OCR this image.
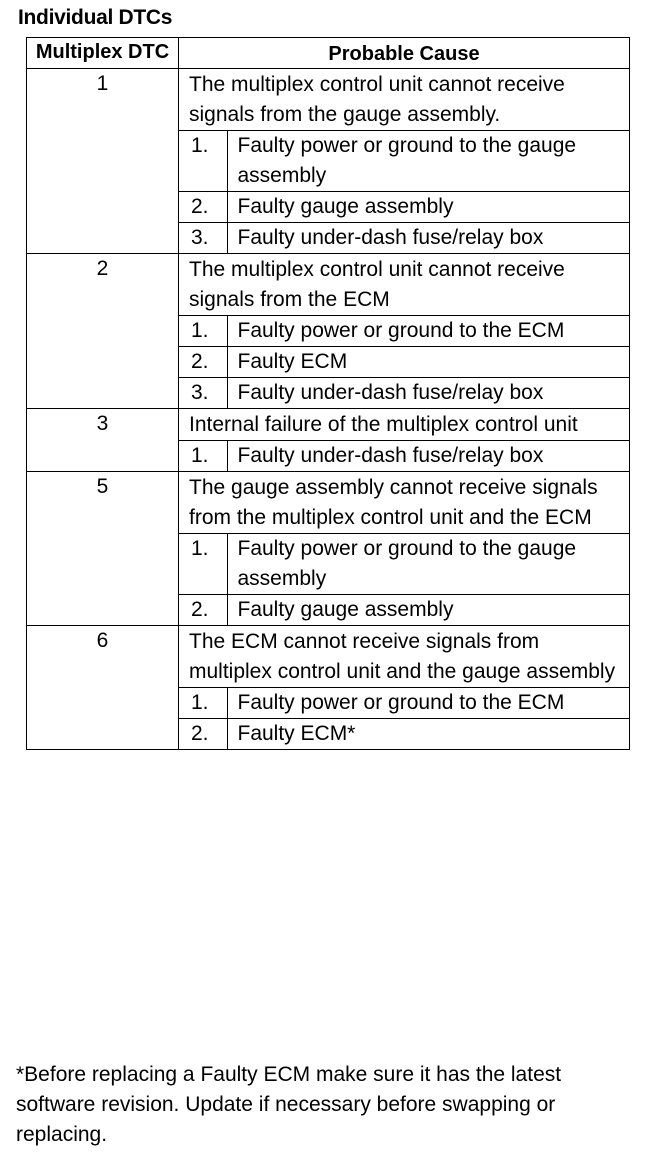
Individual DTCs
Multiplex DTC	Probable Cause
1	The multiplex control unit cannot receive signals from the gauge assembly.
1.	Faulty power or ground to the gauge assembly
2.	Faulty gauge assembly
3.	Faulty under-dash fuse/relay box

2	The multiplex control unit cannot receive signals from the ECM
1.	Faulty power or ground to the ECM
2.	Faulty ECM
3.	Faulty under-dash fuse/relay box

3	Internal failure of the multiplex control unit
1.	Faulty under-dash fuse/relay box

5	The gauge assembly cannot receive signals from the multiplex control unit and the ECM
1.	Faulty power or ground to the gauge assembly
2.	Faulty gauge assembly

6	The ECM cannot receive signals from multiplex control unit and the gauge assembly
1.	Faulty power or ground to the ECM
2.	Faulty ECM*
*Before replacing a Faulty ECM make sure it has the latest software revision. Update if necessary before swapping or replacing.
